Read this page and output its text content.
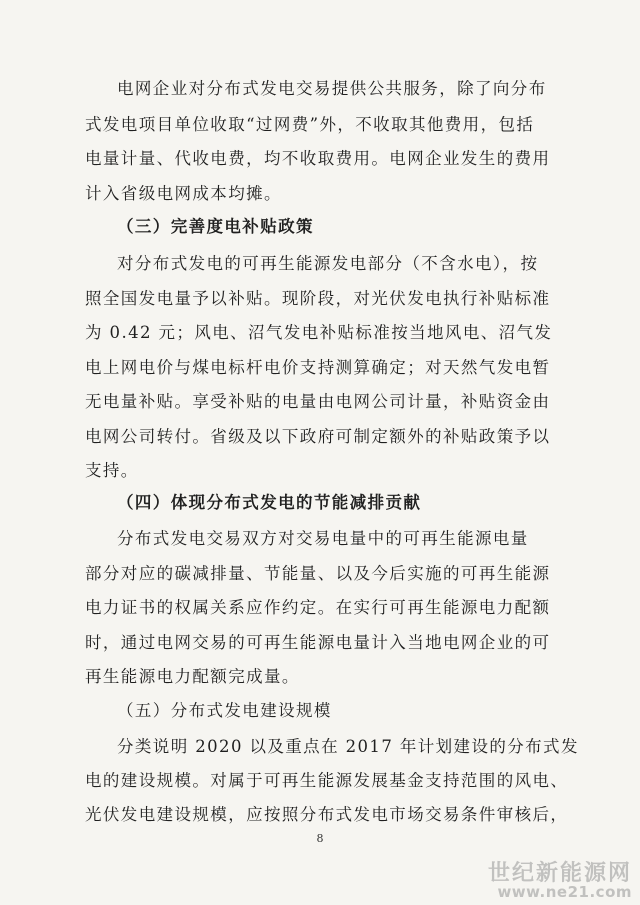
电网企业对分布式发电交易提供公共服务，除了向分布
式发电项目单位收取“过网费”外，不收取其他费用，包括
电量计量、代收电费，均不收取费用。电网企业发生的费用
计入省级电网成本均摊。
（三）完善度电补贴政策
对分布式发电的可再生能源发电部分（不含水电），按
照全国发电量予以补贴。现阶段，对光伏发电执行补贴标准
为 0.42 元；风电、沼气发电补贴标准按当地风电、沼气发
电上网电价与煤电标杆电价支持测算确定；对天然气发电暂
无电量补贴。享受补贴的电量由电网公司计量，补贴资金由
电网公司转付。省级及以下政府可制定额外的补贴政策予以
支持。
（四）体现分布式发电的节能减排贡献
分布式发电交易双方对交易电量中的可再生能源电量
部分对应的碳减排量、节能量、以及今后实施的可再生能源
电力证书的权属关系应作约定。在实行可再生能源电力配额
时，通过电网交易的可再生能源电量计入当地电网企业的可
再生能源电力配额完成量。
（五）分布式发电建设规模
分类说明 2020 以及重点在 2017 年计划建设的分布式发
电的建设规模。对属于可再生能源发展基金支持范围的风电、
光伏发电建设规模，应按照分布式发电市场交易条件审核后，
8
世纪新能源网
www.ne21.com
